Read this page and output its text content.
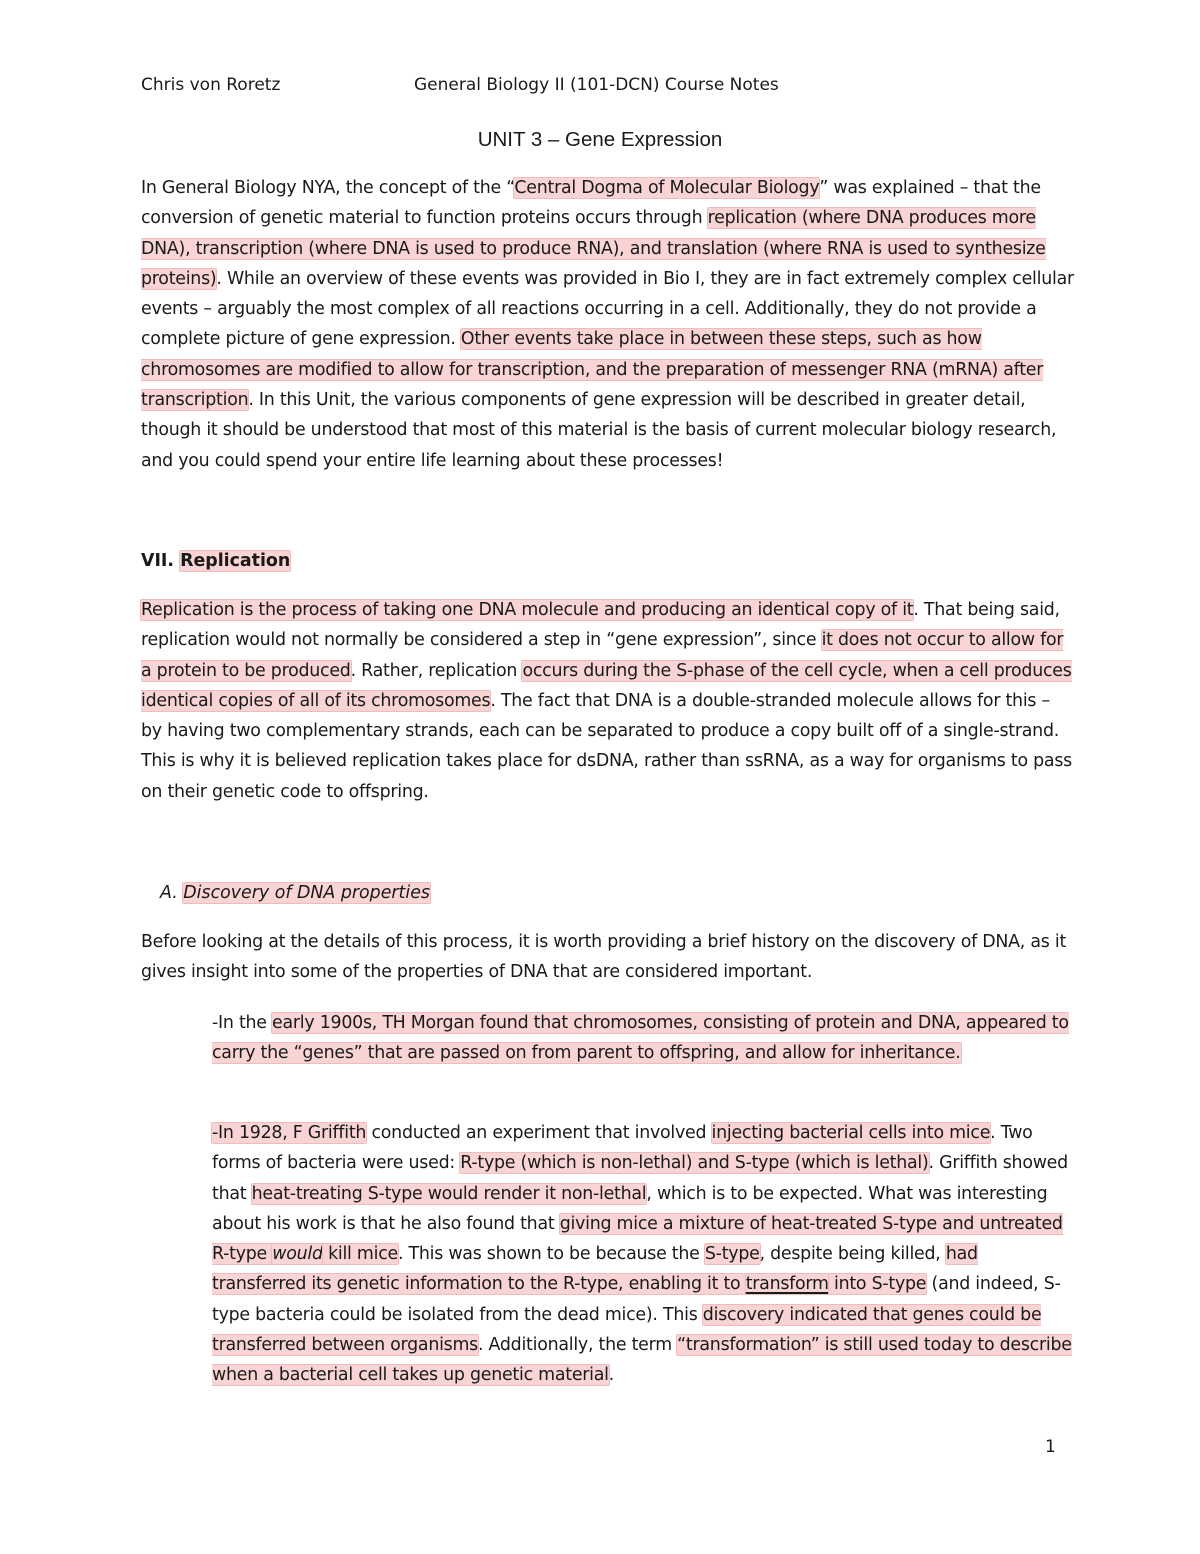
Chris von Roretz	General Biology II (101-DCN) Course Notes
UNIT 3 – Gene Expression
In General Biology NYA, the concept of the “Central Dogma of Molecular Biology” was explained – that the conversion of genetic material to function proteins occurs through replication (where DNA produces more DNA), transcription (where DNA is used to produce RNA), and translation (where RNA is used to synthesize proteins). While an overview of these events was provided in Bio I, they are in fact extremely complex cellular events – arguably the most complex of all reactions occurring in a cell. Additionally, they do not provide a complete picture of gene expression. Other events take place in between these steps, such as how chromosomes are modified to allow for transcription, and the preparation of messenger RNA (mRNA) after transcription. In this Unit, the various components of gene expression will be described in greater detail, though it should be understood that most of this material is the basis of current molecular biology research, and you could spend your entire life learning about these processes!
VII. Replication
Replication is the process of taking one DNA molecule and producing an identical copy of it. That being said, replication would not normally be considered a step in “gene expression”, since it does not occur to allow for a protein to be produced. Rather, replication occurs during the S-phase of the cell cycle, when a cell produces identical copies of all of its chromosomes. The fact that DNA is a double-stranded molecule allows for this – by having two complementary strands, each can be separated to produce a copy built off of a single-strand. This is why it is believed replication takes place for dsDNA, rather than ssRNA, as a way for organisms to pass on their genetic code to offspring.
A. Discovery of DNA properties
Before looking at the details of this process, it is worth providing a brief history on the discovery of DNA, as it gives insight into some of the properties of DNA that are considered important.
-In the early 1900s, TH Morgan found that chromosomes, consisting of protein and DNA, appeared to carry the “genes” that are passed on from parent to offspring, and allow for inheritance.
-In 1928, F Griffith conducted an experiment that involved injecting bacterial cells into mice. Two forms of bacteria were used: R-type (which is non-lethal) and S-type (which is lethal). Griffith showed that heat-treating S-type would render it non-lethal, which is to be expected. What was interesting about his work is that he also found that giving mice a mixture of heat-treated S-type and untreated R-type would kill mice. This was shown to be because the S-type, despite being killed, had transferred its genetic information to the R-type, enabling it to transform into S-type (and indeed, S-type bacteria could be isolated from the dead mice). This discovery indicated that genes could be transferred between organisms. Additionally, the term “transformation” is still used today to describe when a bacterial cell takes up genetic material.
1
